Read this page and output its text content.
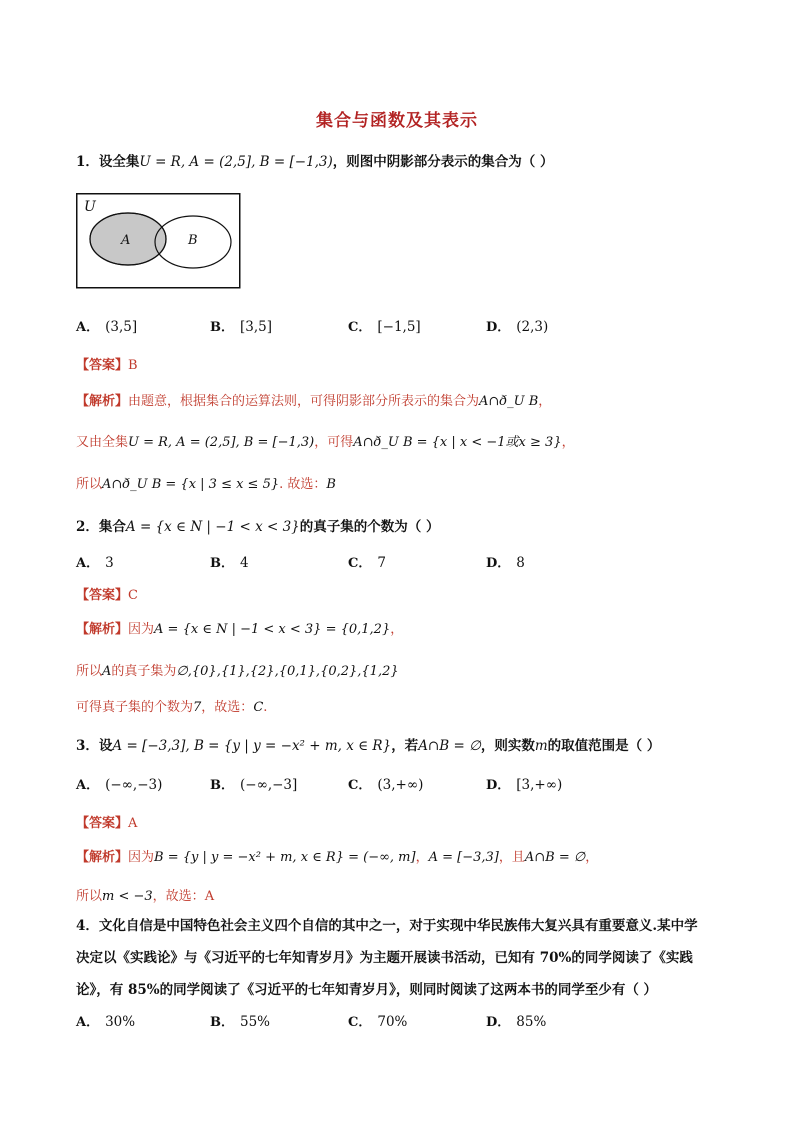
集合与函数及其表示
1．设全集U = R, A = (2,5], B = [−1,3)，则图中阴影部分表示的集合为（ ）
U
A	B
A． (3,5]	B． [3,5]	C． [−1,5]	D． (2,3)
【答案】B
【解析】由题意，根据集合的运算法则，可得阴影部分所表示的集合为A∩ð_U B，
又由全集U = R, A = (2,5], B = [−1,3)，可得A∩ð_U B = {x | x < −1或x ≥ 3}，
所以A∩ð_U B = {x | 3 ≤ x ≤ 5}. 故选：B
2．集合A = {x ∈ N | −1 < x < 3}的真子集的个数为（ ）
A． 3	B． 4	C． 7	D． 8
【答案】C
【解析】因为A = {x ∈ N | −1 < x < 3} = {0,1,2}，
所以A的真子集为∅,{0},{1},{2},{0,1},{0,2},{1,2}
可得真子集的个数为7，故选：C.
3．设A = [−3,3], B = {y | y = −x² + m, x ∈ R}，若A∩B = ∅，则实数m的取值范围是（ ）
A． (−∞,−3)	B． (−∞,−3]	C． (3,+∞)	D． [3,+∞)
【答案】A
【解析】因为B = {y | y = −x² + m, x ∈ R} = (−∞, m]，A = [−3,3]，且A∩B = ∅，
所以m < −3，故选：A
4．文化自信是中国特色社会主义四个自信的其中之一，对于实现中华民族伟大复兴具有重要意义.某中学
决定以《实践论》与《习近平的七年知青岁月》为主题开展读书活动，已知有 70%的同学阅读了《实践
论》，有 85%的同学阅读了《习近平的七年知青岁月》，则同时阅读了这两本书的同学至少有（ ）
A． 30%	B． 55%	C． 70%	D． 85%
